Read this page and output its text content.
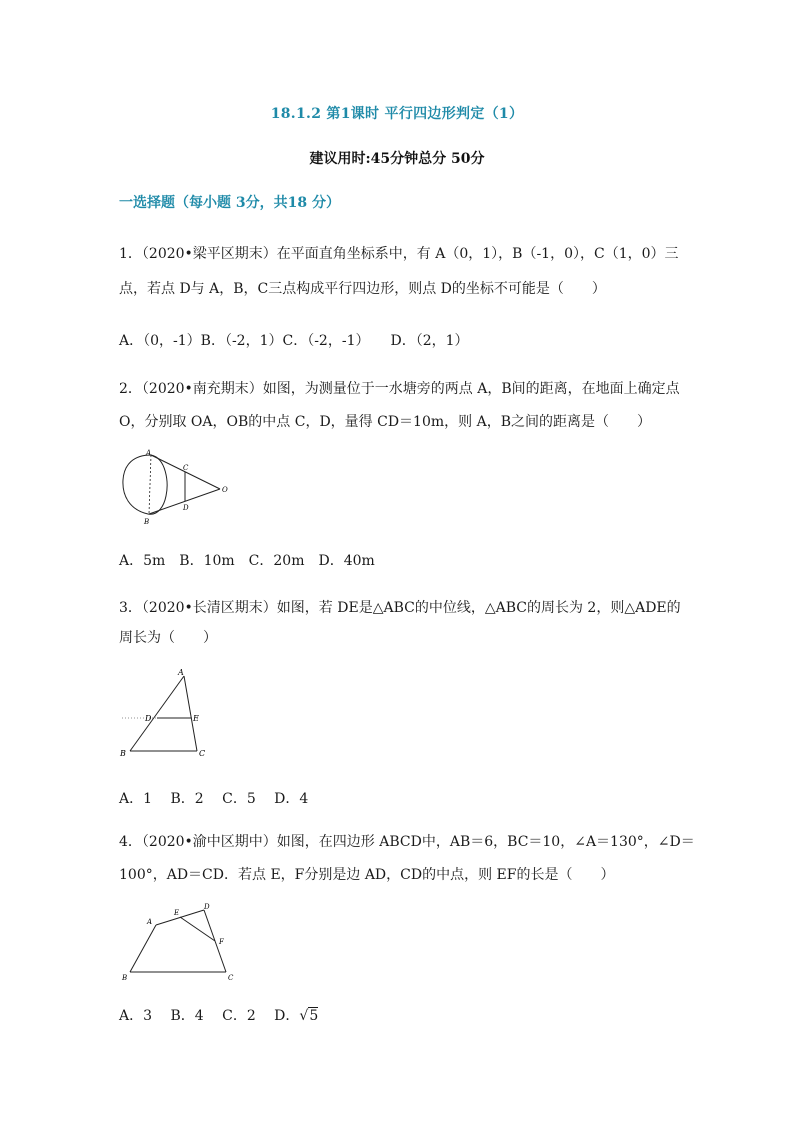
18.1.2 第1课时 平行四边形判定（1）
建议用时:45分钟总分 50分
一选择题（每小题 3分，共18 分）
1．（2020•梁平区期末）在平面直角坐标系中，有 A（0，1），B（-1，0），C（1，0）三
点，若点 D与 A，B，C三点构成平行四边形，则点 D的坐标不可能是（　　）
A．（0，-1）B．（-2，1）C．（-2，-1）　　D．（2，1）
2．（2020•南充期末）如图，为测量位于一水塘旁的两点 A，B间的距离，在地面上确定点
O，分别取 OA，OB的中点 C，D，量得 CD＝10m，则 A，B之间的距离是（　　）
A
B
C
D
O
A．5m　B．10m　C．20m　D．40m
3．（2020•长清区期末）如图，若 DE是△ABC的中位线，△ABC的周长为 2，则△ADE的
周长为（　　）
A
B	C
D	E
A．1　 B．2　 C．5　 D．4
4．（2020•渝中区期中）如图，在四边形 ABCD中，AB＝6，BC＝10，∠A＝130°，∠D＝
100°，AD＝CD．若点 E，F分别是边 AD，CD的中点，则 EF的长是（　　）
A
B	C
D
E
F
A．3　 B．4　 C．2　 D．√5
